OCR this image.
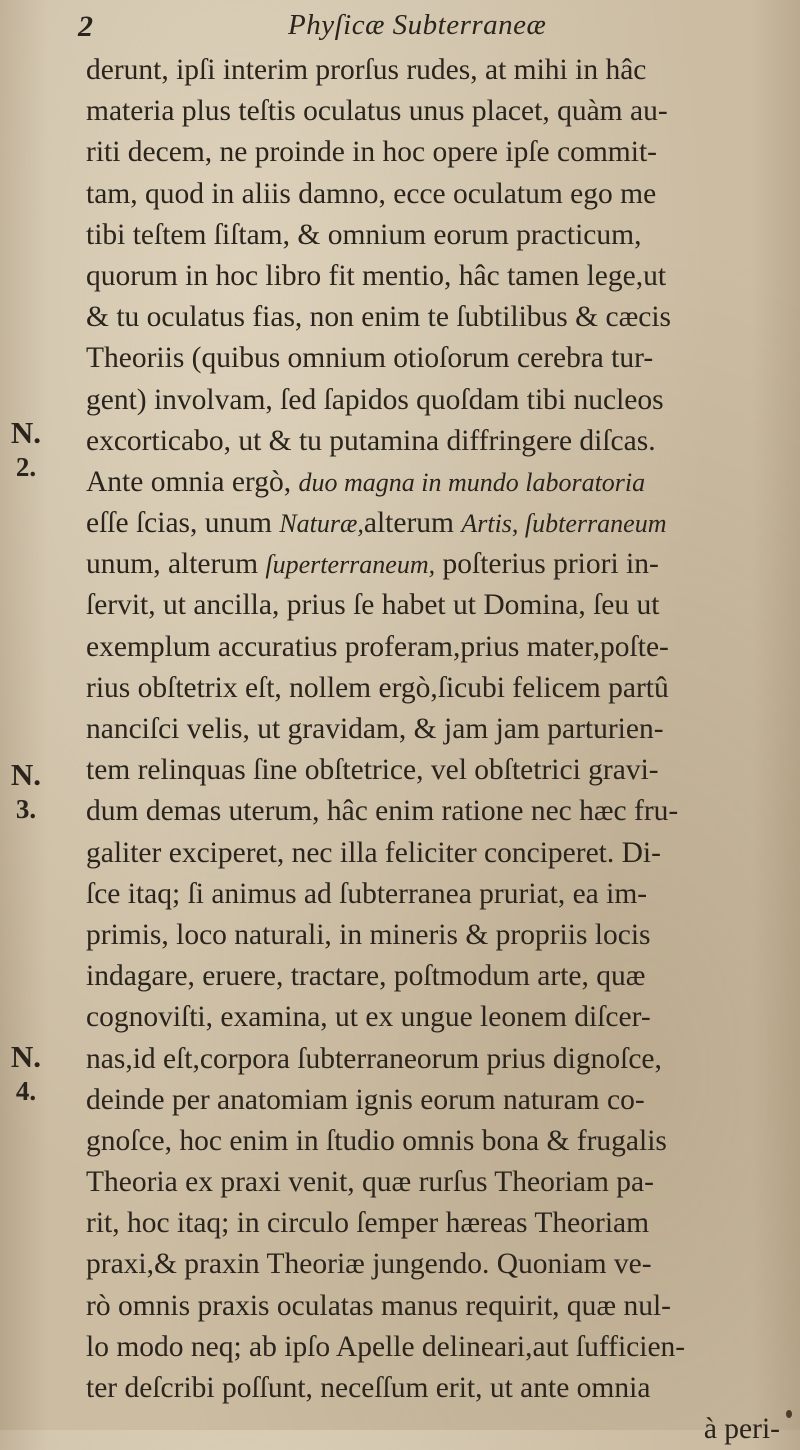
2	Phyſicæ Subterraneæ
N.
2.
N.
3.
N.
4.
derunt, ipſi interim prorſus rudes, at mihi in hâc
materia plus teſtis oculatus unus placet, quàm au-
riti decem, ne proinde in hoc opere ipſe commit-
tam, quod in aliis damno, ecce oculatum ego me
tibi teſtem ſiſtam, & omnium eorum practicum,
quorum in hoc libro fit mentio, hâc tamen lege,ut
& tu oculatus fias, non enim te ſubtilibus & cæcis
Theoriis (quibus omnium otioſorum cerebra tur-
gent) involvam, ſed ſapidos quoſdam tibi nucleos
excorticabo, ut & tu putamina diffringere diſcas.
Ante omnia ergò, duo magna in mundo laboratoria
eſſe ſcias, unum Naturæ,alterum Artis, ſubterraneum
unum, alterum ſuperterraneum, poſterius priori in-
ſervit, ut ancilla, prius ſe habet ut Domina, ſeu ut
exemplum accuratius proferam,prius mater,poſte-
rius obſtetrix eſt, nollem ergò,ſicubi felicem partû
nanciſci velis, ut gravidam, & jam jam parturien-
tem relinquas ſine obſtetrice, vel obſtetrici gravi-
dum demas uterum, hâc enim ratione nec hæc fru-
galiter exciperet, nec illa feliciter conciperet. Di-
ſce itaq; ſi animus ad ſubterranea pruriat, ea im-
primis, loco naturali, in mineris & propriis locis
indagare, eruere, tractare, poſtmodum arte, quæ
cognoviſti, examina, ut ex ungue leonem diſcer-
nas,id eſt,corpora ſubterraneorum prius dignoſce,
deinde per anatomiam ignis eorum naturam co-
gnoſce, hoc enim in ſtudio omnis bona & frugalis
Theoria ex praxi venit, quæ rurſus Theoriam pa-
rit, hoc itaq; in circulo ſemper hæreas Theoriam
praxi,& praxin Theoriæ jungendo. Quoniam ve-
rò omnis praxis oculatas manus requirit, quæ nul-
lo modo neq; ab ipſo Apelle delineari,aut ſufficien-
ter deſcribi poſſunt, neceſſum erit, ut ante omnia
à peri-
